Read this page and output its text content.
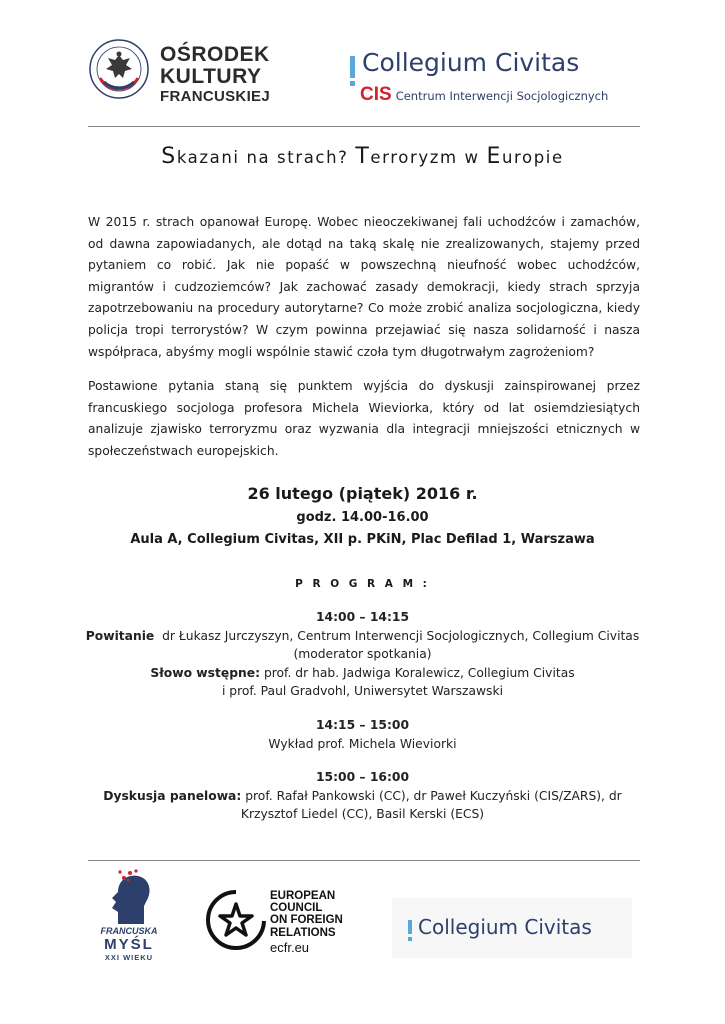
OŚRODEK
KULTURY
FRANCUSKIEJ
Collegium Civitas
CIS Centrum Interwencji Socjologicznych
Skazani na strach? Terroryzm w Europie

W 2015 r. strach opanował Europę. Wobec nieoczekiwanej fali uchodźców i zamachów, od dawna zapowiadanych, ale dotąd na taką skalę nie zrealizowanych, stajemy przed pytaniem co robić. Jak nie popaść w powszechną nieufność wobec uchodźców, migrantów i cudzoziemców? Jak zachować zasady demokracji, kiedy strach sprzyja zapotrzebowaniu na procedury autorytarne? Co może zrobić analiza socjologiczna, kiedy policja tropi terrorystów? W czym powinna przejawiać się nasza solidarność i nasza współpraca, abyśmy mogli wspólnie stawić czoła tym długotrwałym zagrożeniom?

Postawione pytania staną się punktem wyjścia do dyskusji zainspirowanej przez francuskiego socjologa profesora Michela Wieviorka, który od lat osiemdziesiątych analizuje zjawisko terroryzmu oraz wyzwania dla integracji mniejszości etnicznych w społeczeństwach europejskich.

26 lutego (piątek) 2016 r.
godz. 14.00-16.00
Aula A, Collegium Civitas, XII p. PKiN, Plac Defilad 1, Warszawa
P R O G R A M :
14:00 – 14:15
Powitanie dr Łukasz Jurczyszyn, Centrum Interwencji Socjologicznych, Collegium Civitas
(moderator spotkania)
Słowo wstępne: prof. dr hab. Jadwiga Koralewicz, Collegium Civitas
i prof. Paul Gradvohl, Uniwersytet Warszawski
14:15 – 15:00
Wykład prof. Michela Wieviorki
15:00 – 16:00
Dyskusja panelowa: prof. Rafał Pankowski (CC), dr Paweł Kuczyński (CIS/ZARS), dr
Krzysztof Liedel (CC), Basil Kerski (ECS)
FRANCUSKA
MYŚL
XXI WIEKU
EUROPEAN
COUNCIL
ON FOREIGN
RELATIONS
ecfr.eu
Collegium Civitas
